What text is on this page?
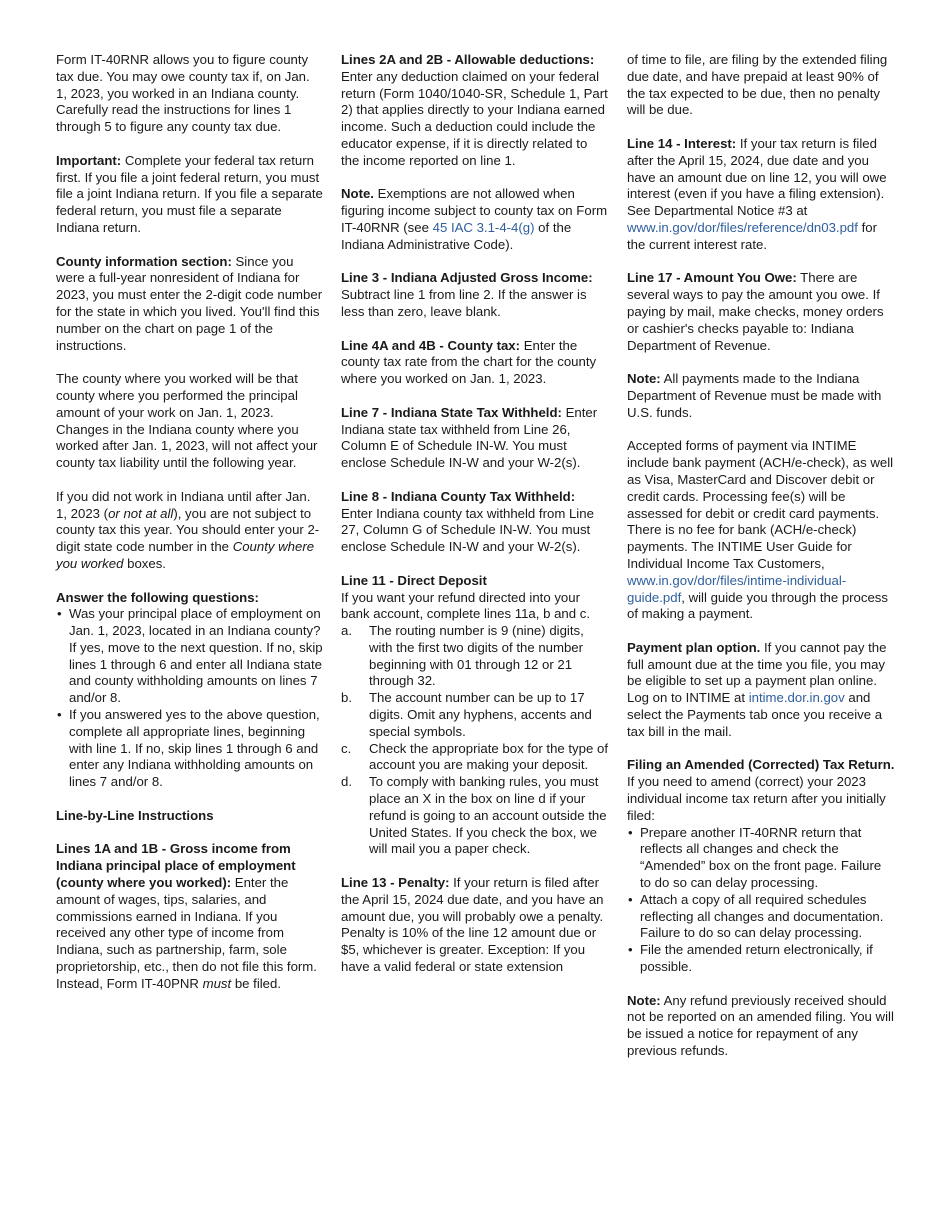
Form IT-40RNR allows you to figure county tax due. You may owe county tax if, on Jan. 1, 2023, you worked in an Indiana county. Carefully read the instructions for lines 1 through 5 to figure any county tax due.

Important: Complete your federal tax return first. If you file a joint federal return, you must file a joint Indiana return. If you file a separate federal return, you must file a separate Indiana return.

County information section: Since you were a full-year nonresident of Indiana for 2023, you must enter the 2-digit code number for the state in which you lived. You'll find this number on the chart on page 1 of the instructions.

The county where you worked will be that county where you performed the principal amount of your work on Jan. 1, 2023. Changes in the Indiana county where you worked after Jan. 1, 2023, will not affect your county tax liability until the following year.

If you did not work in Indiana until after Jan. 1, 2023 (or not at all), you are not subject to county tax this year. You should enter your 2-digit state code number in the County where you worked boxes.

Answer the following questions:
• Was your principal place of employment on Jan. 1, 2023, located in an Indiana county? If yes, move to the next question. If no, skip lines 1 through 6 and enter all Indiana state and county withholding amounts on lines 7 and/or 8.
• If you answered yes to the above question, complete all appropriate lines, beginning with line 1. If no, skip lines 1 through 6 and enter any Indiana withholding amounts on lines 7 and/or 8.

Line-by-Line Instructions

Lines 1A and 1B - Gross income from Indiana principal place of employment (county where you worked): Enter the amount of wages, tips, salaries, and commissions earned in Indiana. If you received any other type of income from Indiana, such as partnership, farm, sole proprietorship, etc., then do not file this form. Instead, Form IT-40PNR must be filed.

Lines 2A and 2B - Allowable deductions: Enter any deduction claimed on your federal return (Form 1040/1040-SR, Schedule 1, Part 2) that applies directly to your Indiana earned income. Such a deduction could include the educator expense, if it is directly related to the income reported on line 1.

Note. Exemptions are not allowed when figuring income subject to county tax on Form IT-40RNR (see 45 IAC 3.1-4-4(g) of the Indiana Administrative Code).

Line 3 - Indiana Adjusted Gross Income: Subtract line 1 from line 2. If the answer is less than zero, leave blank.

Line 4A and 4B - County tax: Enter the county tax rate from the chart for the county where you worked on Jan. 1, 2023.

Line 7 - Indiana State Tax Withheld: Enter Indiana state tax withheld from Line 26, Column E of Schedule IN-W. You must enclose Schedule IN-W and your W-2(s).

Line 8 - Indiana County Tax Withheld: Enter Indiana county tax withheld from Line 27, Column G of Schedule IN-W. You must enclose Schedule IN-W and your W-2(s).

Line 11 - Direct Deposit
If you want your refund directed into your bank account, complete lines 11a, b and c.
a. The routing number is 9 (nine) digits, with the first two digits of the number beginning with 01 through 12 or 21 through 32.
b. The account number can be up to 17 digits. Omit any hyphens, accents and special symbols.
c. Check the appropriate box for the type of account you are making your deposit.
d. To comply with banking rules, you must place an X in the box on line d if your refund is going to an account outside the United States. If you check the box, we will mail you a paper check.

Line 13 - Penalty: If your return is filed after the April 15, 2024 due date, and you have an amount due, you will probably owe a penalty. Penalty is 10% of the line 12 amount due or $5, whichever is greater. Exception: If you have a valid federal or state extension

of time to file, are filing by the extended filing due date, and have prepaid at least 90% of the tax expected to be due, then no penalty will be due.

Line 14 - Interest: If your tax return is filed after the April 15, 2024, due date and you have an amount due on line 12, you will owe interest (even if you have a filing extension). See Departmental Notice #3 at www.in.gov/dor/files/reference/dn03.pdf for the current interest rate.

Line 17 - Amount You Owe: There are several ways to pay the amount you owe. If paying by mail, make checks, money orders or cashier's checks payable to: Indiana Department of Revenue.

Note: All payments made to the Indiana Department of Revenue must be made with U.S. funds.

Accepted forms of payment via INTIME include bank payment (ACH/e-check), as well as Visa, MasterCard and Discover debit or credit cards. Processing fee(s) will be assessed for debit or credit card payments. There is no fee for bank (ACH/e-check) payments. The INTIME User Guide for Individual Income Tax Customers, www.in.gov/dor/files/intime-individual-guide.pdf, will guide you through the process of making a payment.

Payment plan option. If you cannot pay the full amount due at the time you file, you may be eligible to set up a payment plan online. Log on to INTIME at intime.dor.in.gov and select the Payments tab once you receive a tax bill in the mail.

Filing an Amended (Corrected) Tax Return. If you need to amend (correct) your 2023 individual income tax return after you initially filed:
• Prepare another IT-40RNR return that reflects all changes and check the “Amended” box on the front page. Failure to do so can delay processing.
• Attach a copy of all required schedules reflecting all changes and documentation. Failure to do so can delay processing.
• File the amended return electronically, if possible.

Note: Any refund previously received should not be reported on an amended filing. You will be issued a notice for repayment of any previous refunds.
